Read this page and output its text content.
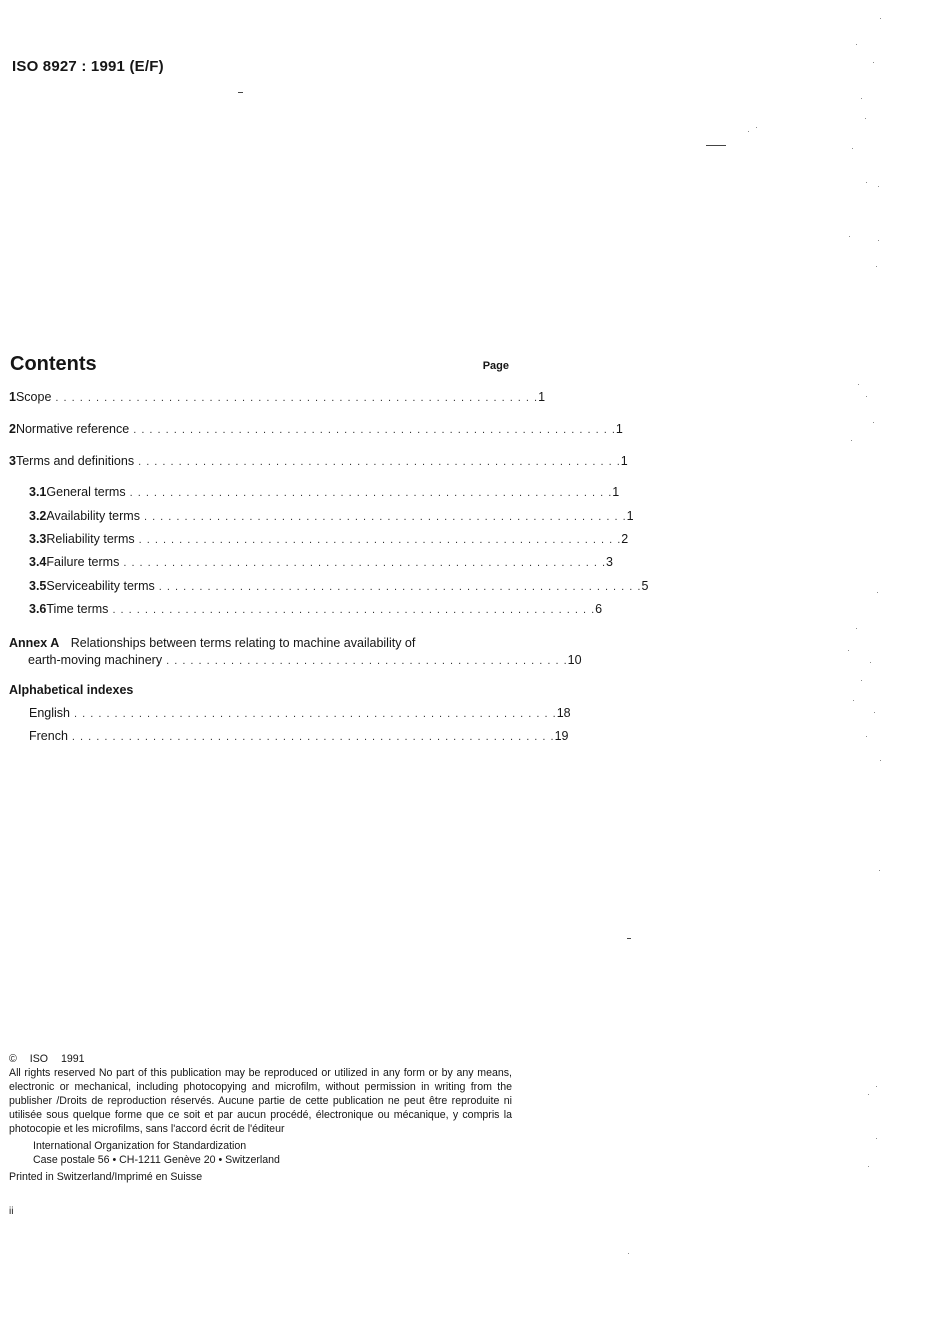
ISO 8927 : 1991 (E/F)
Contents	Page
1 Scope . . . . . . . . . . . . . . . . . . . . . . . . . . . . . . . . . . . . . . . . . . . . . . . . . . . . . . . . . . . . 1
2 Normative reference . . . . . . . . . . . . . . . . . . . . . . . . . . . . . . . . . . . . . . . . . . . . . . . . . . . . . . . . . . . . 1
3 Terms and definitions . . . . . . . . . . . . . . . . . . . . . . . . . . . . . . . . . . . . . . . . . . . . . . . . . . . . . . . . . . . . 1
3.1 General terms . . . . . . . . . . . . . . . . . . . . . . . . . . . . . . . . . . . . . . . . . . . . . . . . . . . . . . . . . . . . 1
3.2 Availability terms . . . . . . . . . . . . . . . . . . . . . . . . . . . . . . . . . . . . . . . . . . . . . . . . . . . . . . . . . . . . 1
3.3 Reliability terms . . . . . . . . . . . . . . . . . . . . . . . . . . . . . . . . . . . . . . . . . . . . . . . . . . . . . . . . . . . . 2
3.4 Failure terms . . . . . . . . . . . . . . . . . . . . . . . . . . . . . . . . . . . . . . . . . . . . . . . . . . . . . . . . . . . . 3
3.5 Serviceability terms . . . . . . . . . . . . . . . . . . . . . . . . . . . . . . . . . . . . . . . . . . . . . . . . . . . . . . . . . . . . 5
3.6 Time terms . . . . . . . . . . . . . . . . . . . . . . . . . . . . . . . . . . . . . . . . . . . . . . . . . . . . . . . . . . . . 6
Annex A Relationships between terms relating to machine availability of
earth-moving machinery . . . . . . . . . . . . . . . . . . . . . . . . . . . . . . . . . . . . . . . . . . . . . . . . . . 10
Alphabetical indexes
English . . . . . . . . . . . . . . . . . . . . . . . . . . . . . . . . . . . . . . . . . . . . . . . . . . . . . . . . . . . . 18
French . . . . . . . . . . . . . . . . . . . . . . . . . . . . . . . . . . . . . . . . . . . . . . . . . . . . . . . . . . . . 19

© ISO 1991

All rights reserved No part of this publication may be reproduced or utilized in any form or by any means, electronic or mechanical, including photocopying and microfilm, without permission in writing from the publisher /Droits de reproduction réservés. Aucune partie de cette publication ne peut être reproduite ni utilisée sous quelque forme que ce soit et par aucun procédé, électronique ou mécanique, y compris la photocopie et les microfilms, sans l'accord écrit de l'éditeur

International Organization for Standardization

Case postale 56 • CH-1211 Genève 20 • Switzerland

Printed in Switzerland/Imprimé en Suisse

ii
